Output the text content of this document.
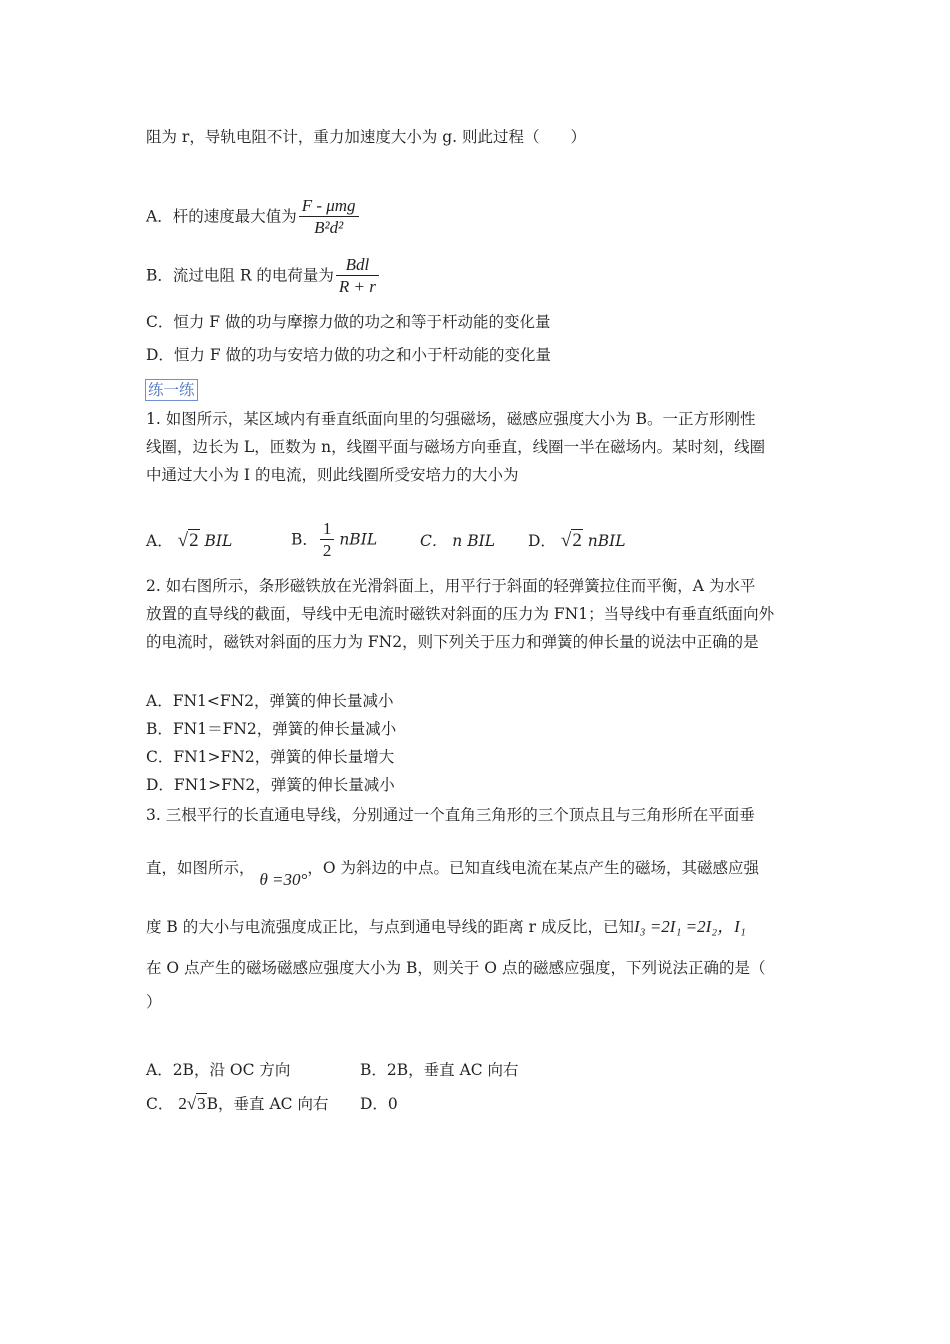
阻为 r，导轨电阻不计，重力加速度大小为 g. 则此过程（　　）
A．杆的速度最大值为 $\frac{\text{F - μmg}}{\text{B²d²}}$
B．流过电阻 R 的电荷量为 $\frac{\text{Bdl}}{R + r}$
C．恒力 F 做的功与摩擦力做的功之和等于杆动能的变化量
D．恒力 F 做的功与安培力做的功之和小于杆动能的变化量
练一练
1. 如图所示，某区域内有垂直纸面向里的匀强磁场，磁感应强度大小为 B。一正方形刚性
线圈，边长为 L，匝数为 n，线圈平面与磁场方向垂直，线圈一半在磁场内。某时刻，线圈
中通过大小为 I 的电流，则此线圈所受安培力的大小为
A． √2 BIL	B． $\frac{1}{2}$ nBIL	C． n BIL D． √2 nBIL
2. 如右图所示，条形磁铁放在光滑斜面上，用平行于斜面的轻弹簧拉住而平衡，A 为水平
放置的直导线的截面，导线中无电流时磁铁对斜面的压力为 FN1；当导线中有垂直纸面向外
的电流时，磁铁对斜面的压力为 FN2，则下列关于压力和弹簧的伸长量的说法中正确的是
A．FN1<FN2，弹簧的伸长量减小
B．FN1＝FN2，弹簧的伸长量减小
C．FN1>FN2，弹簧的伸长量增大
D．FN1>FN2，弹簧的伸长量减小
3. 三根平行的长直通电导线，分别通过一个直角三角形的三个顶点且与三角形所在平面垂
直，如图所示， θ =30°，O 为斜边的中点。已知直线电流在某点产生的磁场，其磁感应强
度 B 的大小与电流强度成正比，与点到通电导线的距离 r 成反比，已知I₃ =2I₁ =2I₂，I₁
在 O 点产生的磁场磁感应强度大小为 B，则关于 O 点的磁感应强度，下列说法正确的是（
）
A．2B，沿 OC 方向	B．2B，垂直 AC 向右
C． 2√3B，垂直 AC 向右 D．0
